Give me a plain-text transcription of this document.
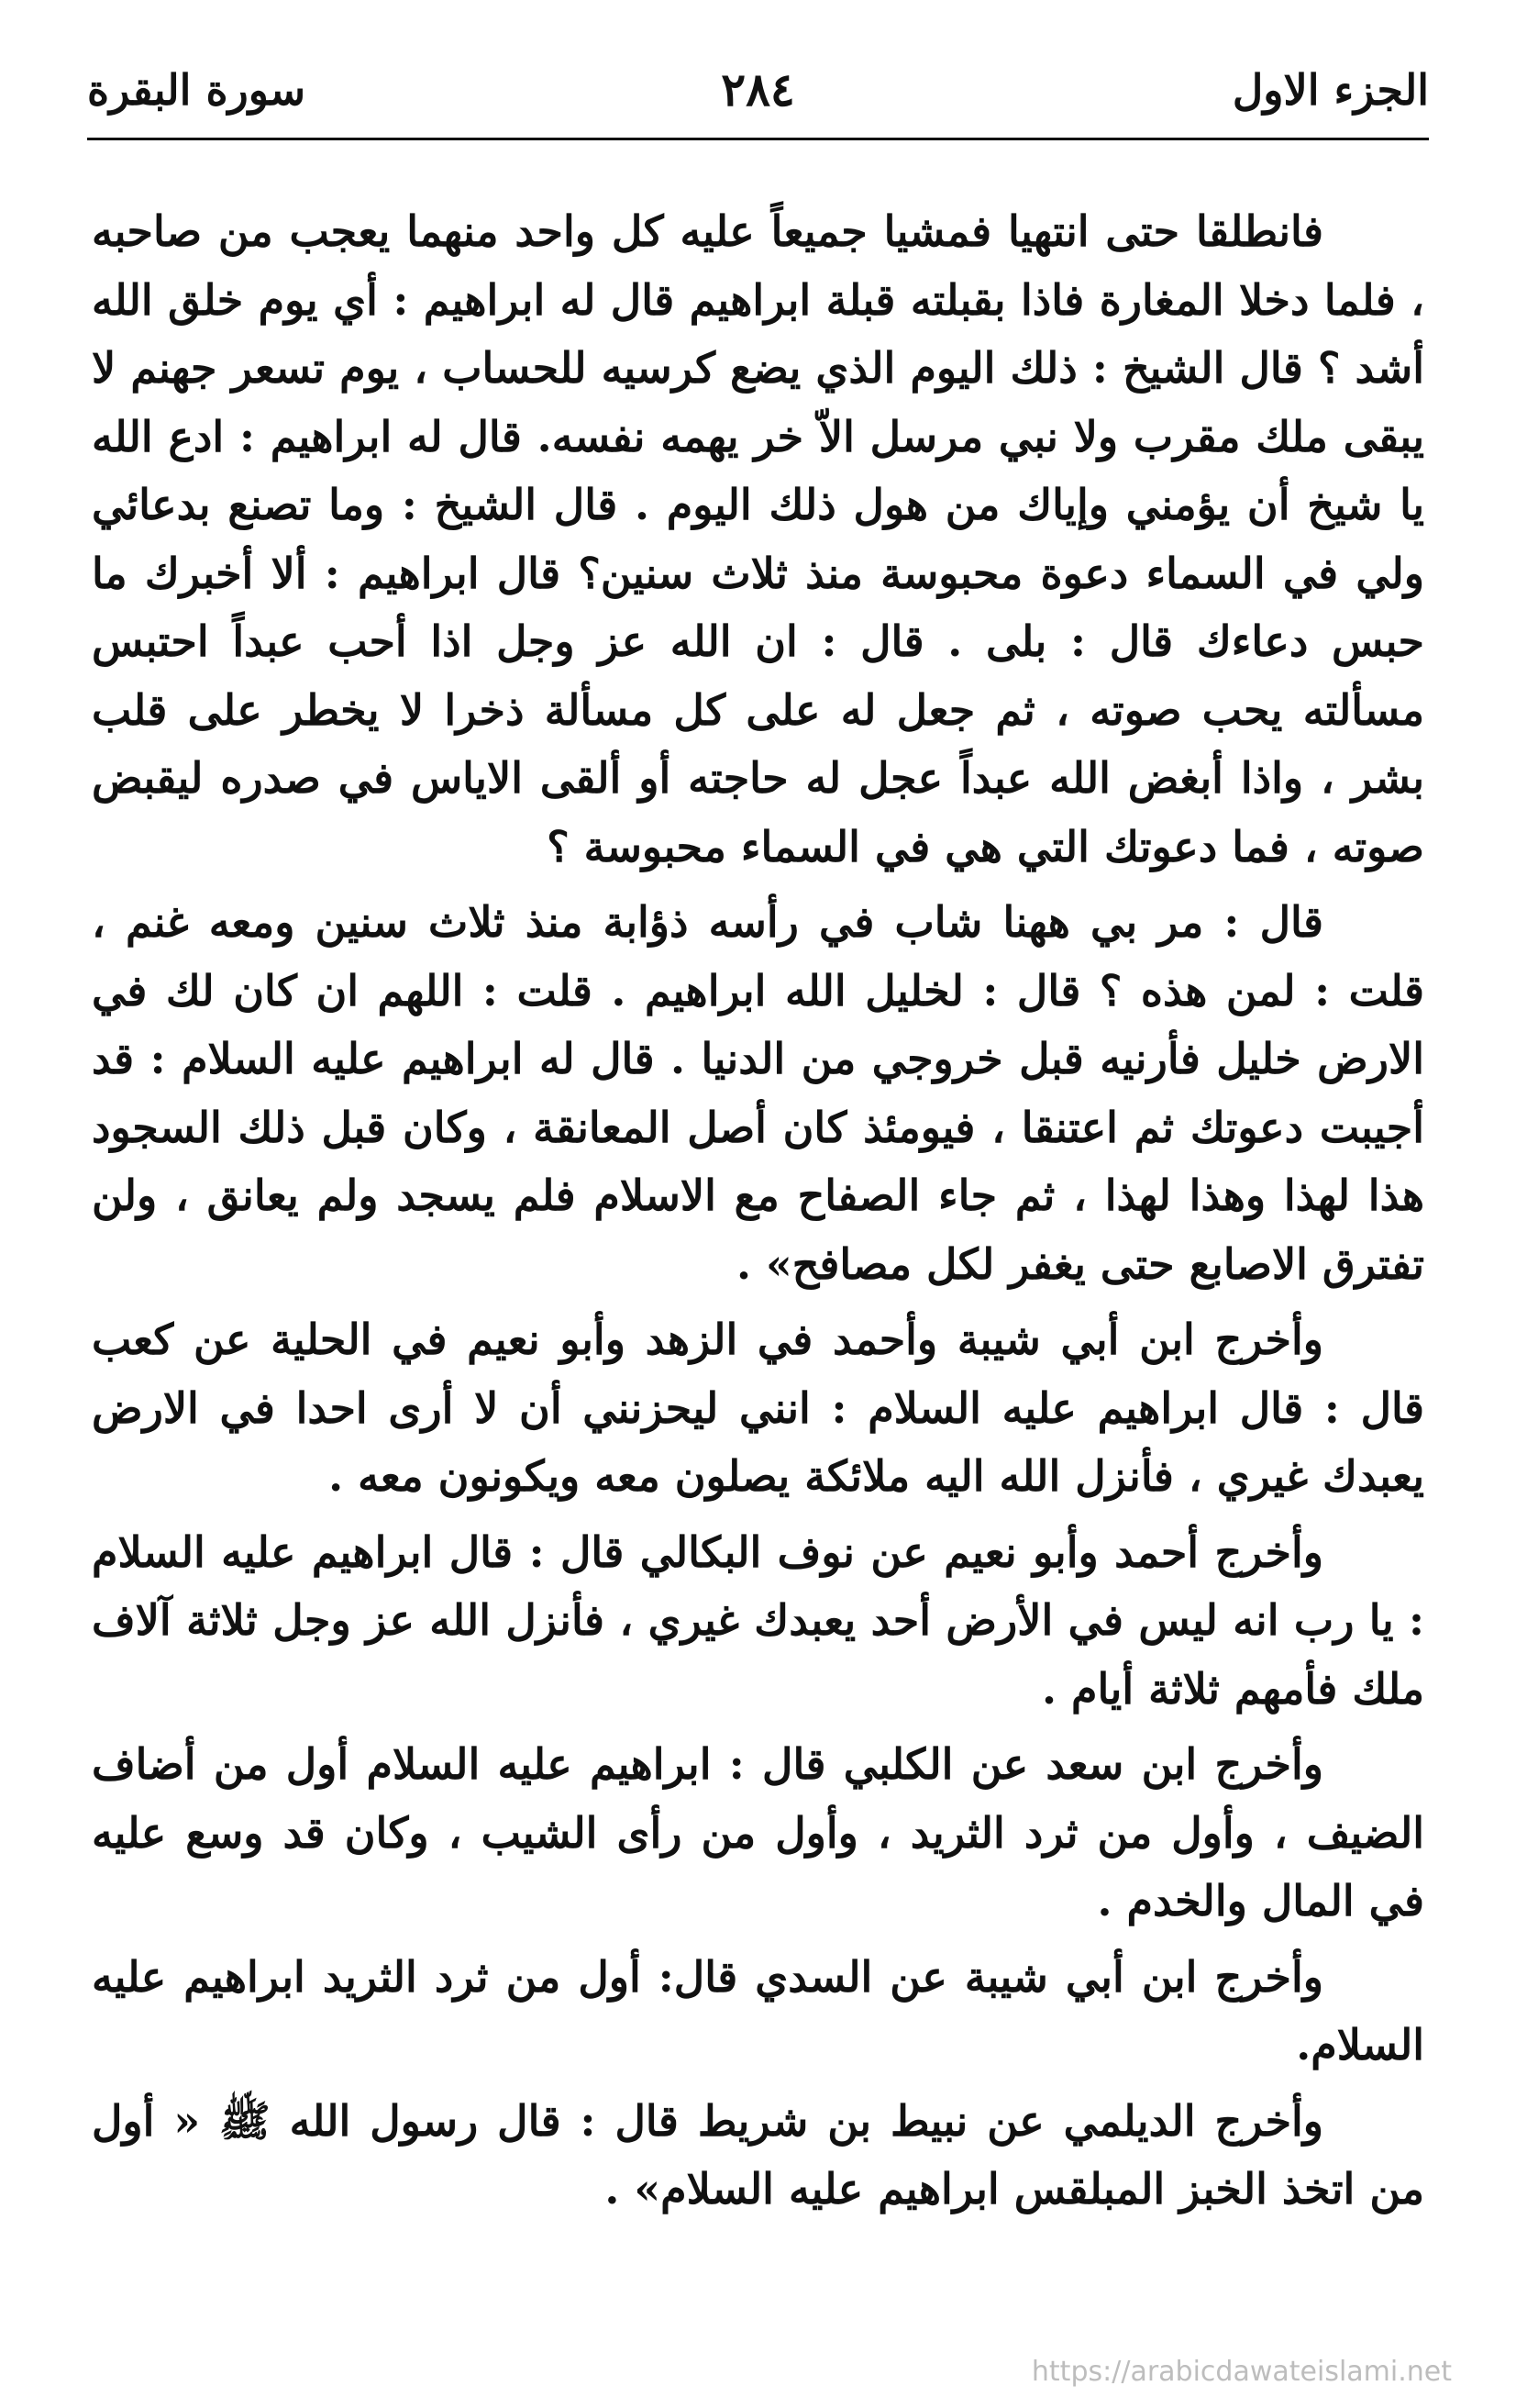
الجزء الاول
٢٨٤
سورة البقرة

فانطلقا حتى انتهيا فمشيا جميعاً عليه كل واحد منهما يعجب من صاحبه ، فلما دخلا المغارة فاذا بقبلته قبلة ابراهيم قال له ابراهيم : أي يوم خلق الله أشد ؟ قال الشيخ : ذلك اليوم الذي يضع كرسيه للحساب ، يوم تسعر جهنم لا يبقى ملك مقرب ولا نبي مرسل الاّ خر يهمه نفسه. قال له ابراهيم : ادع الله يا شيخ أن يؤمني وإياك من هول ذلك اليوم . قال الشيخ : وما تصنع بدعائي ولي في السماء دعوة محبوسة منذ ثلاث سنين؟ قال ابراهيم : ألا أخبرك ما حبس دعاءك قال : بلى . قال : ان الله عز وجل اذا أحب عبداً احتبس مسألته يحب صوته ، ثم جعل له على كل مسألة ذخرا لا يخطر على قلب بشر ، واذا أبغض الله عبداً عجل له حاجته أو ألقى الاياس في صدره ليقبض صوته ، فما دعوتك التي هي في السماء محبوسة ؟

قال : مر بي ههنا شاب في رأسه ذؤابة منذ ثلاث سنين ومعه غنم ، قلت : لمن هذه ؟ قال : لخليل الله ابراهيم . قلت : اللهم ان كان لك في الارض خليل فأرنيه قبل خروجي من الدنيا . قال له ابراهيم عليه السلام : قد أجيبت دعوتك ثم اعتنقا ، فيومئذ كان أصل المعانقة ، وكان قبل ذلك السجود هذا لهذا وهذا لهذا ، ثم جاء الصفاح مع الاسلام فلم يسجد ولم يعانق ، ولن تفترق الاصابع حتى يغفر لكل مصافح» .

وأخرج ابن أبي شيبة وأحمد في الزهد وأبو نعيم في الحلية عن كعب قال : قال ابراهيم عليه السلام : انني ليحزنني أن لا أرى احدا في الارض يعبدك غيري ، فأنزل الله اليه ملائكة يصلون معه ويكونون معه .

وأخرج أحمد وأبو نعيم عن نوف البكالي قال : قال ابراهيم عليه السلام : يا رب انه ليس في الأرض أحد يعبدك غيري ، فأنزل الله عز وجل ثلاثة آلاف ملك فأمهم ثلاثة أيام .

وأخرج ابن سعد عن الكلبي قال : ابراهيم عليه السلام أول من أضاف الضيف ، وأول من ثرد الثريد ، وأول من رأى الشيب ، وكان قد وسع عليه في المال والخدم .

وأخرج ابن أبي شيبة عن السدي قال: أول من ثرد الثريد ابراهيم عليه السلام.

وأخرج الديلمي عن نبيط بن شريط قال : قال رسول الله ﷺ « أول من اتخذ الخبز المبلقس ابراهيم عليه السلام» .

https://arabicdawateislami.net
